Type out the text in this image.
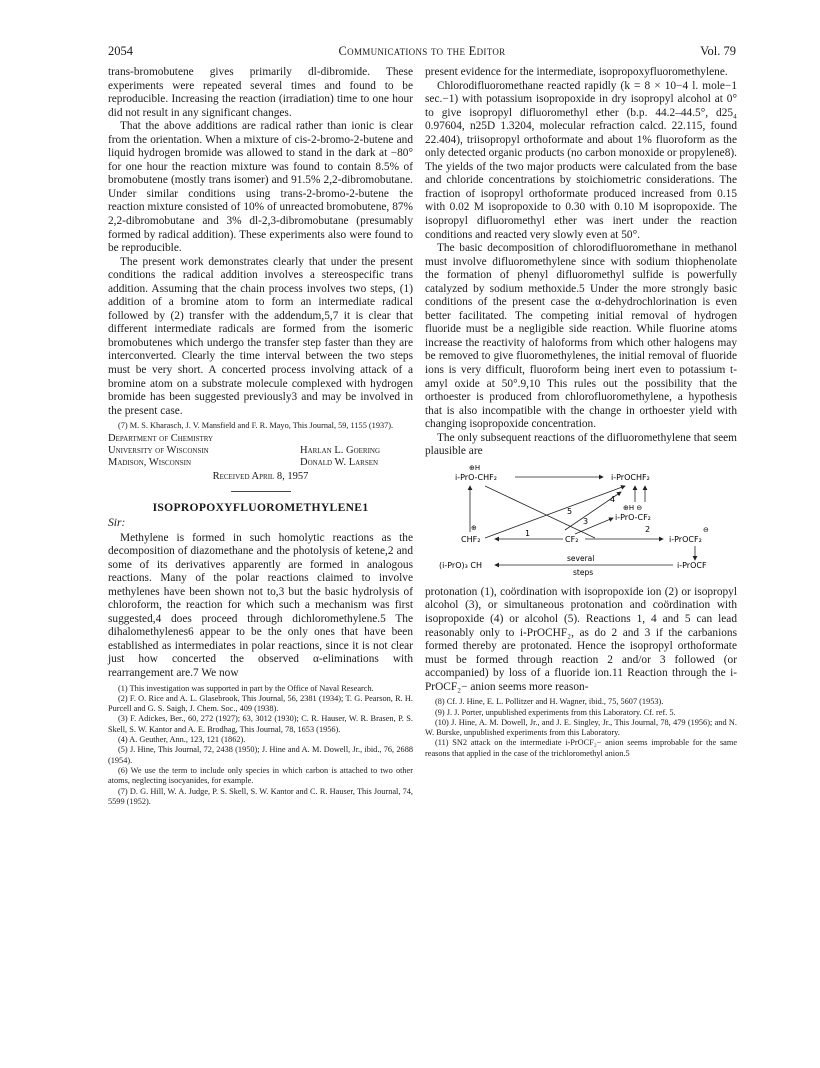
2054	Communications to the Editor	Vol. 79

trans-bromobutene gives primarily dl-dibromide. These experiments were repeated several times and found to be reproducible. Increasing the reaction (irradiation) time to one hour did not result in any significant changes.

That the above additions are radical rather than ionic is clear from the orientation. When a mixture of cis-2-bromo-2-butene and liquid hydrogen bromide was allowed to stand in the dark at −80° for one hour the reaction mixture was found to contain 8.5% of bromobutene (mostly trans isomer) and 91.5% 2,2-dibromobutane. Under similar conditions using trans-2-bromo-2-butene the reaction mixture consisted of 10% of unreacted bromobutene, 87% 2,2-dibromobutane and 3% dl-2,3-dibromobutane (presumably formed by radical addition). These experiments also were found to be reproducible.

The present work demonstrates clearly that under the present conditions the radical addition involves a stereospecific trans addition. Assuming that the chain process involves two steps, (1) addition of a bromine atom to form an intermediate radical followed by (2) transfer with the addendum,5,7 it is clear that different intermediate radicals are formed from the isomeric bromobutenes which undergo the transfer step faster than they are interconverted. Clearly the time interval between the two steps must be very short. A concerted process involving attack of a bromine atom on a substrate molecule complexed with hydrogen bromide has been suggested previously3 and may be involved in the present case.

(7) M. S. Kharasch, J. V. Mansfield and F. R. Mayo, This Journal, 59, 1155 (1937).

Department of Chemistry
University of Wisconsin	Harlan L. Goering
Madison, Wisconsin	Donald W. Larsen
Received April 8, 1957
ISOPROPOXYFLUOROMETHYLENE1
Sir:

Methylene is formed in such homolytic reactions as the decomposition of diazomethane and the photolysis of ketene,2 and some of its derivatives apparently are formed in analogous reactions. Many of the polar reactions claimed to involve methylenes have been shown not to,3 but the basic hydrolysis of chloroform, the reaction for which such a mechanism was first suggested,4 does proceed through dichloromethylene.5 The dihalomethylenes6 appear to be the only ones that have been established as intermediates in polar reactions, since it is not clear just how concerted the observed α-eliminations with rearrangement are.7 We now

(1) This investigation was supported in part by the Office of Naval Research.

(2) F. O. Rice and A. L. Glasebrook, This Journal, 56, 2381 (1934); T. G. Pearson, R. H. Purcell and G. S. Saigh, J. Chem. Soc., 409 (1938).

(3) F. Adickes, Ber., 60, 272 (1927); 63, 3012 (1930); C. R. Hauser, W. R. Brasen, P. S. Skell, S. W. Kantor and A. E. Brodhag, This Journal, 78, 1653 (1956).

(4) A. Geuther, Ann., 123, 121 (1862).

(5) J. Hine, This Journal, 72, 2438 (1950); J. Hine and A. M. Dowell, Jr., ibid., 76, 2688 (1954).

(6) We use the term to include only species in which carbon is attached to two other atoms, neglecting isocyanides, for example.

(7) D. G. Hill, W. A. Judge, P. S. Skell, S. W. Kantor and C. R. Hauser, This Journal, 74, 5599 (1952).

present evidence for the intermediate, isopropoxyfluoromethylene.

Chlorodifluoromethane reacted rapidly (k = 8 × 10−4 l. mole−1 sec.−1) with potassium isopropoxide in dry isopropyl alcohol at 0° to give isopropyl difluoromethyl ether (b.p. 44.2–44.5°, d25₄ 0.97604, n25D 1.3204, molecular refraction calcd. 22.115, found 22.404), triisopropyl orthoformate and about 1% fluoroform as the only detected organic products (no carbon monoxide or propylene8). The yields of the two major products were calculated from the base and chloride concentrations by stoichiometric considerations. The fraction of isopropyl orthoformate produced increased from 0.15 with 0.02 M isopropoxide to 0.30 with 0.10 M isopropoxide. The isopropyl difluoromethyl ether was inert under the reaction conditions and reacted very slowly even at 50°.

The basic decomposition of chlorodifluoromethane in methanol must involve difluoromethylene since with sodium thiophenolate the formation of phenyl difluoromethyl sulfide is powerfully catalyzed by sodium methoxide.5 Under the more strongly basic conditions of the present case the α-dehydrochlorination is even better facilitated. The competing initial removal of hydrogen fluoride must be a negligible side reaction. While fluorine atoms increase the reactivity of haloforms from which other halogens may be removed to give fluoromethylenes, the initial removal of fluoride ions is very difficult, fluoroform being inert even to potassium t-amyl oxide at 50°.9,10 This rules out the possibility that the orthoester is produced from chlorofluoromethylene, a hypothesis that is also incompatible with the change in orthoester yield with changing isopropoxide concentration.

The only subsequent reactions of the difluoromethylene that seem plausible are

⊕H
i-PrO-CHF₂	i-PrOCHF₂
⊕H ⊖
i-PrO-CF₂
4
5
3
2
⊕
CHF₂
1
CF₂
⊖
i-PrOCF₂
(i-PrO)₃ CH
several
steps
i-PrOCF

protonation (1), coördination with isopropoxide ion (2) or isopropyl alcohol (3), or simultaneous protonation and coördination with isopropoxide (4) or alcohol (5). Reactions 1, 4 and 5 can lead reasonably only to i-PrOCHF₂, as do 2 and 3 if the carbanions formed thereby are protonated. Hence the isopropyl orthoformate must be formed through reaction 2 and/or 3 followed (or accompanied) by loss of a fluoride ion.11 Reaction through the i-PrOCF₂− anion seems more reason-

(8) Cf. J. Hine, E. L. Pollitzer and H. Wagner, ibid., 75, 5607 (1953).

(9) J. J. Porter, unpublished experiments from this Laboratory. Cf. ref. 5.

(10) J. Hine, A. M. Dowell, Jr., and J. E. Singley, Jr., This Journal, 78, 479 (1956); and N. W. Burske, unpublished experiments from this Laboratory.

(11) SN2 attack on the intermediate i-PrOCF₂− anion seems improbable for the same reasons that applied in the case of the trichloromethyl anion.5
